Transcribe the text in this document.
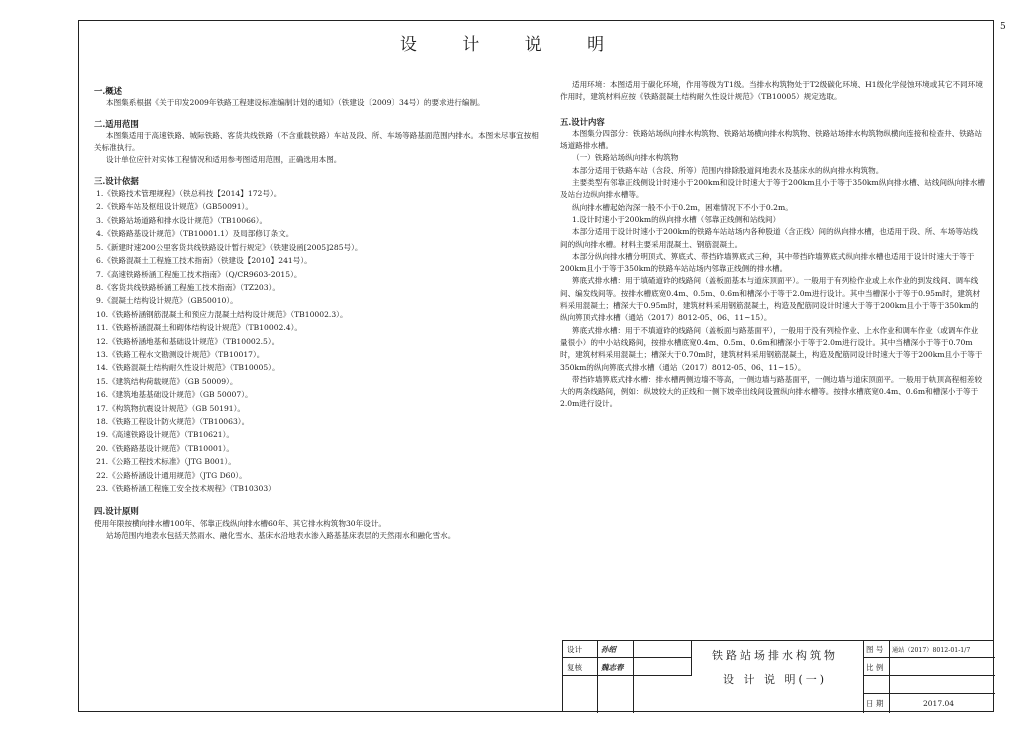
5
设 计 说 明
一.概述
本图集系根据《关于印发2009年铁路工程建设标准编制计划的通知》（铁建设〔2009〕34号）的要求进行编制。
二.适用范围
本图集适用于高速铁路、城际铁路、客货共线铁路（不含重载铁路）车站及段、所、车场等路基面范围内排水。本图未尽事宜按相关标准执行。
设计单位应针对实体工程情况和适用参考图适用范围，正确选用本图。
三.设计依据
1.《铁路技术管理规程》（铁总科技【2014】172号）。
2.《铁路车站及枢纽设计规范》（GB50091）。
3.《铁路站场道路和排水设计规范》（TB10066）。
4.《铁路路基设计规范》（TB10001.1）及局部修订条文。
5.《新建时速200公里客货共线铁路设计暂行规定》（铁建设函[2005]285号）。
6.《铁路混凝土工程施工技术指南》（铁建设【2010】241号）。
7.《高速铁路桥涵工程施工技术指南》（Q/CR9603-2015）。
8.《客货共线铁路桥涵工程施工技术指南》（TZ203）。
9.《混凝土结构设计规范》（GB50010）。
10.《铁路桥涵钢筋混凝土和预应力混凝土结构设计规范》（TB10002.3）。
11.《铁路桥涵混凝土和砌体结构设计规范》（TB10002.4）。
12.《铁路桥涵地基和基础设计规范》（TB10002.5）。
13.《铁路工程水文勘测设计规范》（TB10017）。
14.《铁路混凝土结构耐久性设计规范》（TB10005）。
15.《建筑结构荷载规范》（GB 50009）。
16.《建筑地基基础设计规范》（GB 50007）。
17.《构筑物抗震设计规范》（GB 50191）。
18.《铁路工程设计防火规范》（TB10063）。
19.《高速铁路设计规范》（TB10621）。
20.《铁路路基设计规范》（TB10001）。
21.《公路工程技术标准》（JTG B001）。
22.《公路桥涵设计通用规范》（JTG D60）。
23.《铁路桥涵工程施工安全技术规程》（TB10303）
四.设计原则
使用年限按横向排水槽100年、邻靠正线纵向排水槽60年、其它排水构筑物30年设计。
站场范围内地表水包括天然雨水、融化雪水、基床水沿地表水渗入路基基床表层的天然雨水和融化雪水。
适用环境：本图适用于碳化环境，作用等级为T1级。当排水构筑物处于T2级碳化环境、H1级化学侵蚀环境或其它不同环境作用时，建筑材料应按《铁路混凝土结构耐久性设计规范》（TB10005）规定选取。
五.设计内容
本图集分四部分：铁路站场纵向排水构筑物、铁路站场横向排水构筑物、铁路站场排水构筑物纵横向连接和检查井、铁路站场道路排水槽。
（一）铁路站场纵向排水构筑物
本部分适用于铁路车站（含段、所等）范围内排除股道间地表水及基床水的纵向排水构筑物。
主要类型有邻靠正线侧设计时速小于200km和设计时速大于等于200km且小于等于350km纵向排水槽、站线间纵向排水槽及站台边纵向排水槽等。
纵向排水槽起始沟深一般不小于0.2m，困难情况下不小于0.2m。
1.设计时速小于200km的纵向排水槽（邻靠正线侧和站线间）
本部分适用于设计时速小于200km的铁路车站站场内各种股道（含正线）间的纵向排水槽，也适用于段、所、车场等站线间的纵向排水槽。材料主要采用混凝土、钢筋混凝土。
本部分纵向排水槽分明顶式、箅底式、带挡砟墙箅底式三种，其中带挡砟墙箅底式纵向排水槽也适用于设计时速大于等于200km且小于等于350km的铁路车站站场内邻靠正线侧的排水槽。
箅底式排水槽：用于填碴道砟的线路间（盖板面基本与道床顶面平）。一般用于有列检作业或上水作业的到发线间、调车线间、编发线间等。按排水槽底宽0.4m、0.5m、0.6m和槽深小于等于2.0m进行设计。其中当槽深小于等于0.95m时，建筑材料采用混凝土；槽深大于0.95m时，建筑材料采用钢筋混凝土，构造及配筋同设计时速大于等于200km且小于等于350km的纵向箅顶式排水槽（通站（2017）8012-05、06、11~15）。
箅底式排水槽：用于不填道砟的线路间（盖板面与路基面平），一般用于没有列检作业、上水作业和调车作业（或调车作业量很小）的中小站线路间，按排水槽底宽0.4m、0.5m、0.6m和槽深小于等于2.0m进行设计。其中当槽深小于等于0.70m时，建筑材料采用混凝土；槽深大于0.70m时，建筑材料采用钢筋混凝土，构造及配筋同设计时速大于等于200km且小于等于350km的纵向箅底式排水槽（通站（2017）8012-05、06、11~15）。
带挡砟墙箅底式排水槽：排水槽两侧边墙不等高，一侧边墙与路基面平，一侧边墙与道床顶面平。一般用于轨顶高程相差较大的两条线路间，例如：纵坡较大的正线和一侧下坡牵出线间设置纵向排水槽等。按排水槽底宽0.4m、0.6m和槽深小于等于2.0m进行设计。
设计	孙绍
复核	魏志春
铁路站场排水构筑物
设 计 说 明(一)
图 号 通站（2017）8012-01-1/7
比 例
日 期	2017.04
